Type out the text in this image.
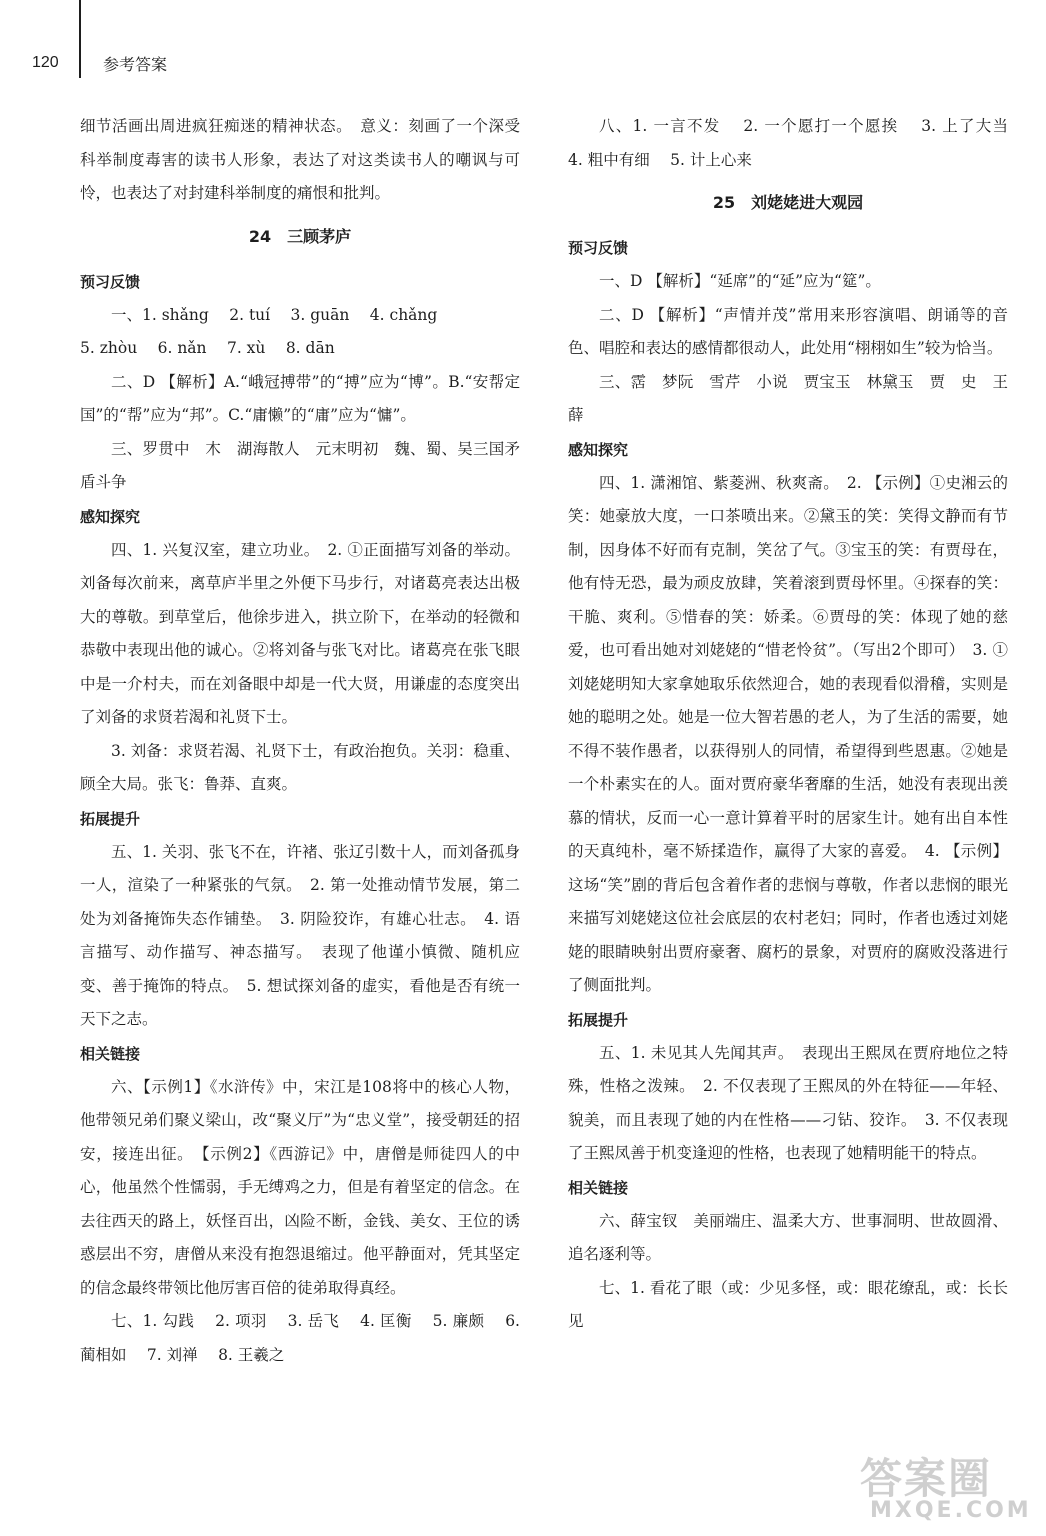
120	参考答案

细节活画出周进疯狂痴迷的精神状态。　意义：刻画了一个深受科举制度毒害的读书人形象，表达了对这类读书人的嘲讽与可怜，也表达了对封建科举制度的痛恨和批判。

24　三顾茅庐
预习反馈

一、1. shǎng　 2. tuí　 3. guān　 4. chǎng

5. zhòu　 6. nǎn　 7. xù　 8. dān

二、D 【解析】A.“峨冠搏带”的“搏”应为“博”。B.“安帮定国”的“帮”应为“邦”。C.“庸懒”的“庸”应为“慵”。

三、罗贯中　木　湖海散人　元末明初　魏、蜀、吴三国矛盾斗争

感知探究

四、1. 兴复汉室，建立功业。　2. ①正面描写刘备的举动。刘备每次前来，离草庐半里之外便下马步行，对诸葛亮表达出极大的尊敬。到草堂后，他徐步进入，拱立阶下，在举动的轻微和恭敬中表现出他的诚心。②将刘备与张飞对比。诸葛亮在张飞眼中是一介村夫，而在刘备眼中却是一代大贤，用谦虚的态度突出了刘备的求贤若渴和礼贤下士。

3. 刘备：求贤若渴、礼贤下士，有政治抱负。关羽：稳重、顾全大局。张飞：鲁莽、直爽。

拓展提升

五、1. 关羽、张飞不在，许褚、张辽引数十人，而刘备孤身一人，渲染了一种紧张的气氛。　2. 第一处推动情节发展，第二处为刘备掩饰失态作铺垫。　3. 阴险狡诈，有雄心壮志。　4. 语言描写、动作描写、神态描写。　表现了他谨小慎微、随机应变、善于掩饰的特点。　5. 想试探刘备的虚实，看他是否有统一天下之志。

相关链接

六、【示例1】《水浒传》中，宋江是108将中的核心人物，他带领兄弟们聚义梁山，改“聚义厅”为“忠义堂”，接受朝廷的招安，接连出征。　【示例2】《西游记》中，唐僧是师徒四人的中心，他虽然个性懦弱，手无缚鸡之力，但是有着坚定的信念。在去往西天的路上，妖怪百出，凶险不断，金钱、美女、王位的诱惑层出不穷，唐僧从来没有抱怨退缩过。他平静面对，凭其坚定的信念最终带领比他厉害百倍的徒弟取得真经。

七、1. 勾践　 2. 项羽　 3. 岳飞　 4. 匡衡　 5. 廉颇　 6. 蔺相如　 7. 刘禅　 8. 王羲之

八、1. 一言不发　 2. 一个愿打一个愿挨　 3. 上了大当　 4. 粗中有细　 5. 计上心来

25　刘姥姥进大观园
预习反馈

一、D 【解析】“延席”的“延”应为“筵”。

二、D 【解析】“声情并茂”常用来形容演唱、朗诵等的音色、唱腔和表达的感情都很动人，此处用“栩栩如生”较为恰当。

三、霑　梦阮　雪芹　小说　贾宝玉　林黛玉　贾　史　王　薛

感知探究

四、1. 潇湘馆、紫菱洲、秋爽斋。　2. 【示例】①史湘云的笑：她豪放大度，一口茶喷出来。②黛玉的笑：笑得文静而有节制，因身体不好而有克制，笑岔了气。③宝玉的笑：有贾母在，他有恃无恐，最为顽皮放肆，笑着滚到贾母怀里。④探春的笑：干脆、爽利。⑤惜春的笑：娇柔。⑥贾母的笑：体现了她的慈爱，也可看出她对刘姥姥的“惜老怜贫”。（写出2个即可）　3. ①刘姥姥明知大家拿她取乐依然迎合，她的表现看似滑稽，实则是她的聪明之处。她是一位大智若愚的老人，为了生活的需要，她不得不装作愚者，以获得别人的同情，希望得到些恩惠。②她是一个朴素实在的人。面对贾府豪华奢靡的生活，她没有表现出羡慕的情状，反而一心一意计算着平时的居家生计。她有出自本性的天真纯朴，毫不矫揉造作，赢得了大家的喜爱。　4. 【示例】这场“笑”剧的背后包含着作者的悲悯与尊敬，作者以悲悯的眼光来描写刘姥姥这位社会底层的农村老妇；同时，作者也透过刘姥姥的眼睛映射出贾府豪奢、腐朽的景象，对贾府的腐败没落进行了侧面批判。

拓展提升

五、1. 未见其人先闻其声。　表现出王熙凤在贾府地位之特殊，性格之泼辣。　2. 不仅表现了王熙凤的外在特征——年轻、貌美，而且表现了她的内在性格——刁钻、狡诈。　3. 不仅表现了王熙凤善于机变逢迎的性格，也表现了她精明能干的特点。

相关链接

六、薛宝钗　美丽端庄、温柔大方、世事洞明、世故圆滑、追名逐利等。

七、1. 看花了眼（或：少见多怪，或：眼花缭乱，或：长长见

答案圈
MXQE.COM
